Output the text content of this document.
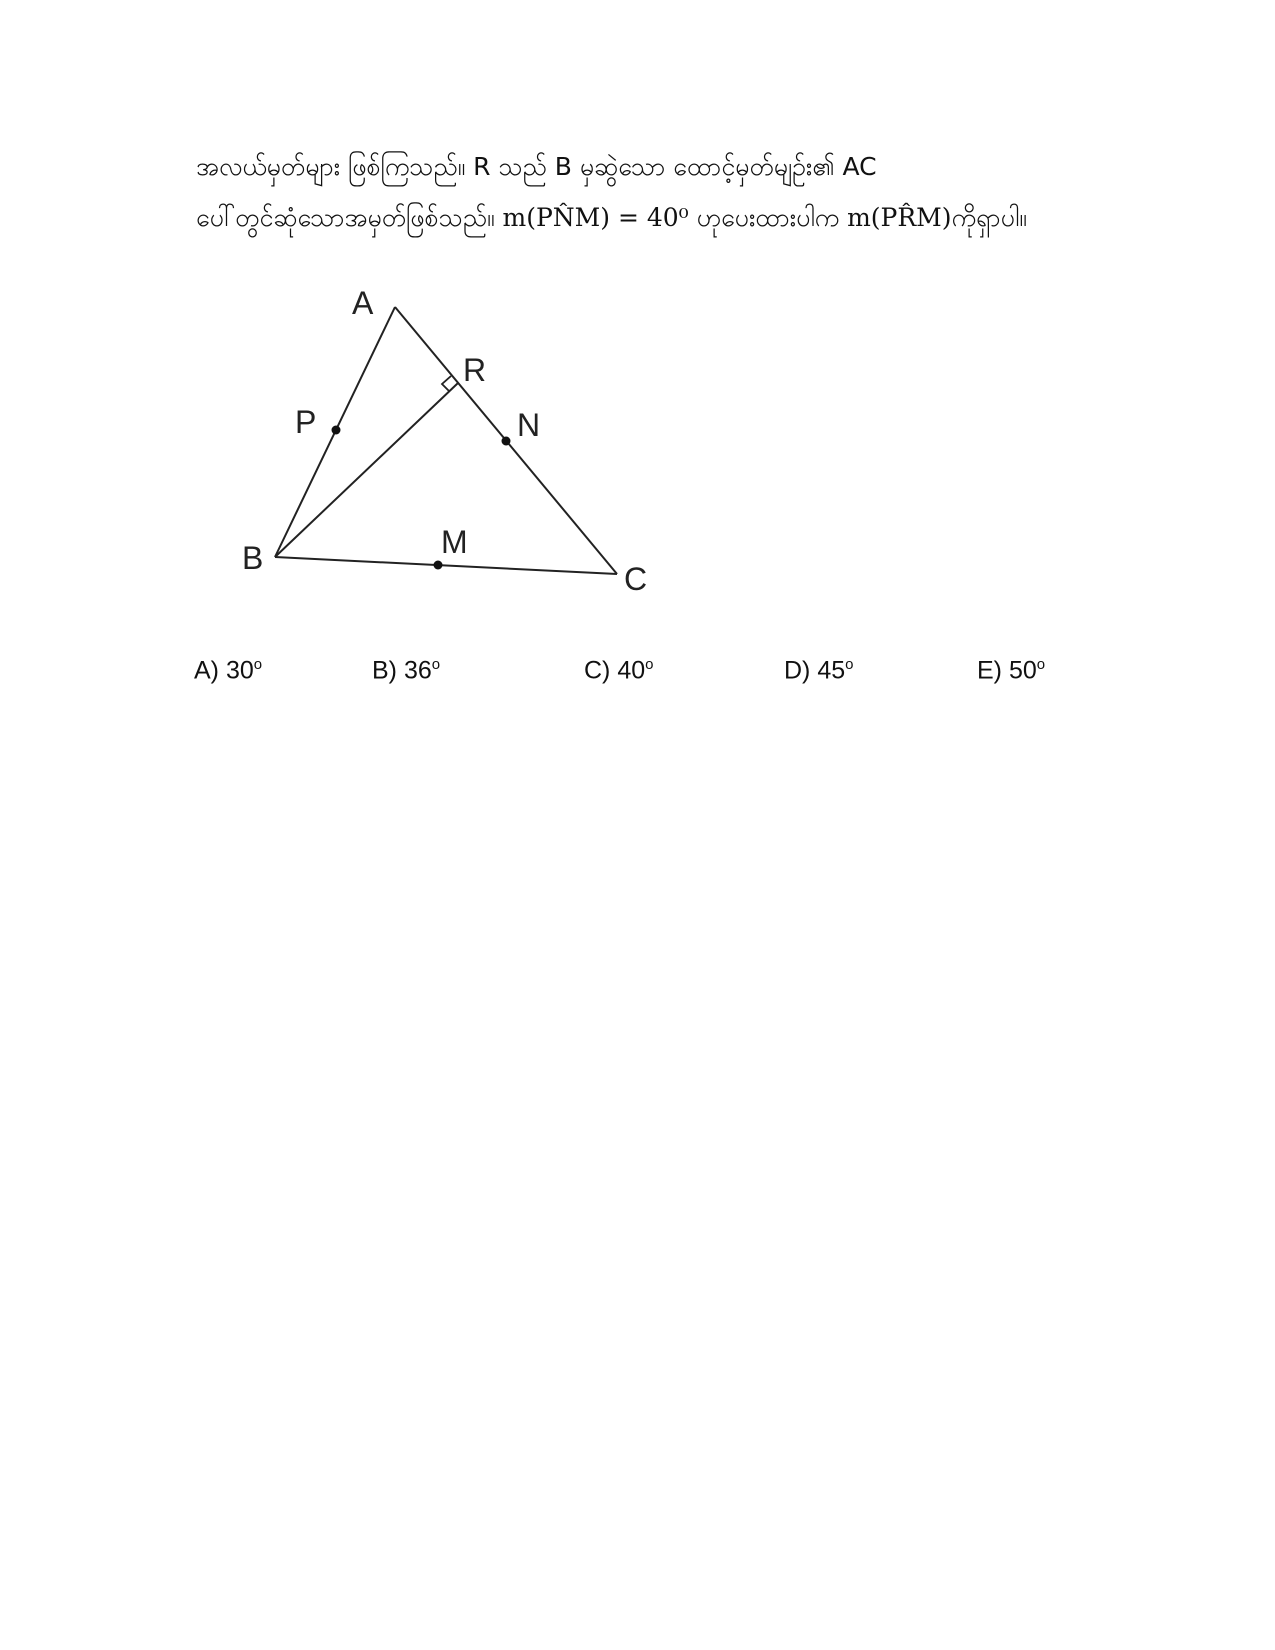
အလယ်မှတ်များ ဖြစ်ကြသည်။ R သည် B မှဆွဲသော ထောင့်မှတ်မျဉ်း၏ AC
ပေါ်တွင်ဆုံသောအမှတ်ဖြစ်သည်။ m(PN̂M) = 40⁰ ဟုပေးထားပါက m(PR̂M)ကိုရှာပါ။
A
R
P	N
M
B
C
A) 30$^o$	B) 36$^o$	C) 40$^o$	D) 45$^o$	E) 50$^o$
